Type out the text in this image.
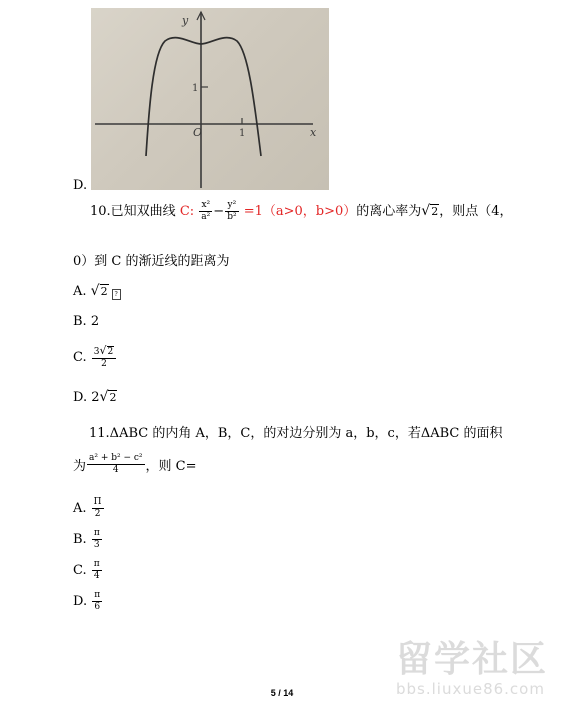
y
x
O	1
1
D.
10.已知双曲线 C: $\frac{\text{x²}}{\text{a²}} - \frac{\text{y²}}{\text{b²}} =1(a>0$，b>0）的离心率为√2，则点（4，
0）到 C 的渐近线的距离为
A. √2 ?
B. 2
C. $\frac{3√2}{2}$
D. 2√2
11.ΔABC 的内角 A，B，C，的对边分别为 a，b，c，若ΔABC 的面积
为 $\frac{\text{a² + b² − c²}}{4}$ ，则 C=
A. $\frac{\Pi}{2}$
B. $\frac{\pi}{3}$
C. $\frac{\pi}{4}$
D. $\frac{\pi}{6}$
留学社区
bbs.liuxue86.com
5 / 14
